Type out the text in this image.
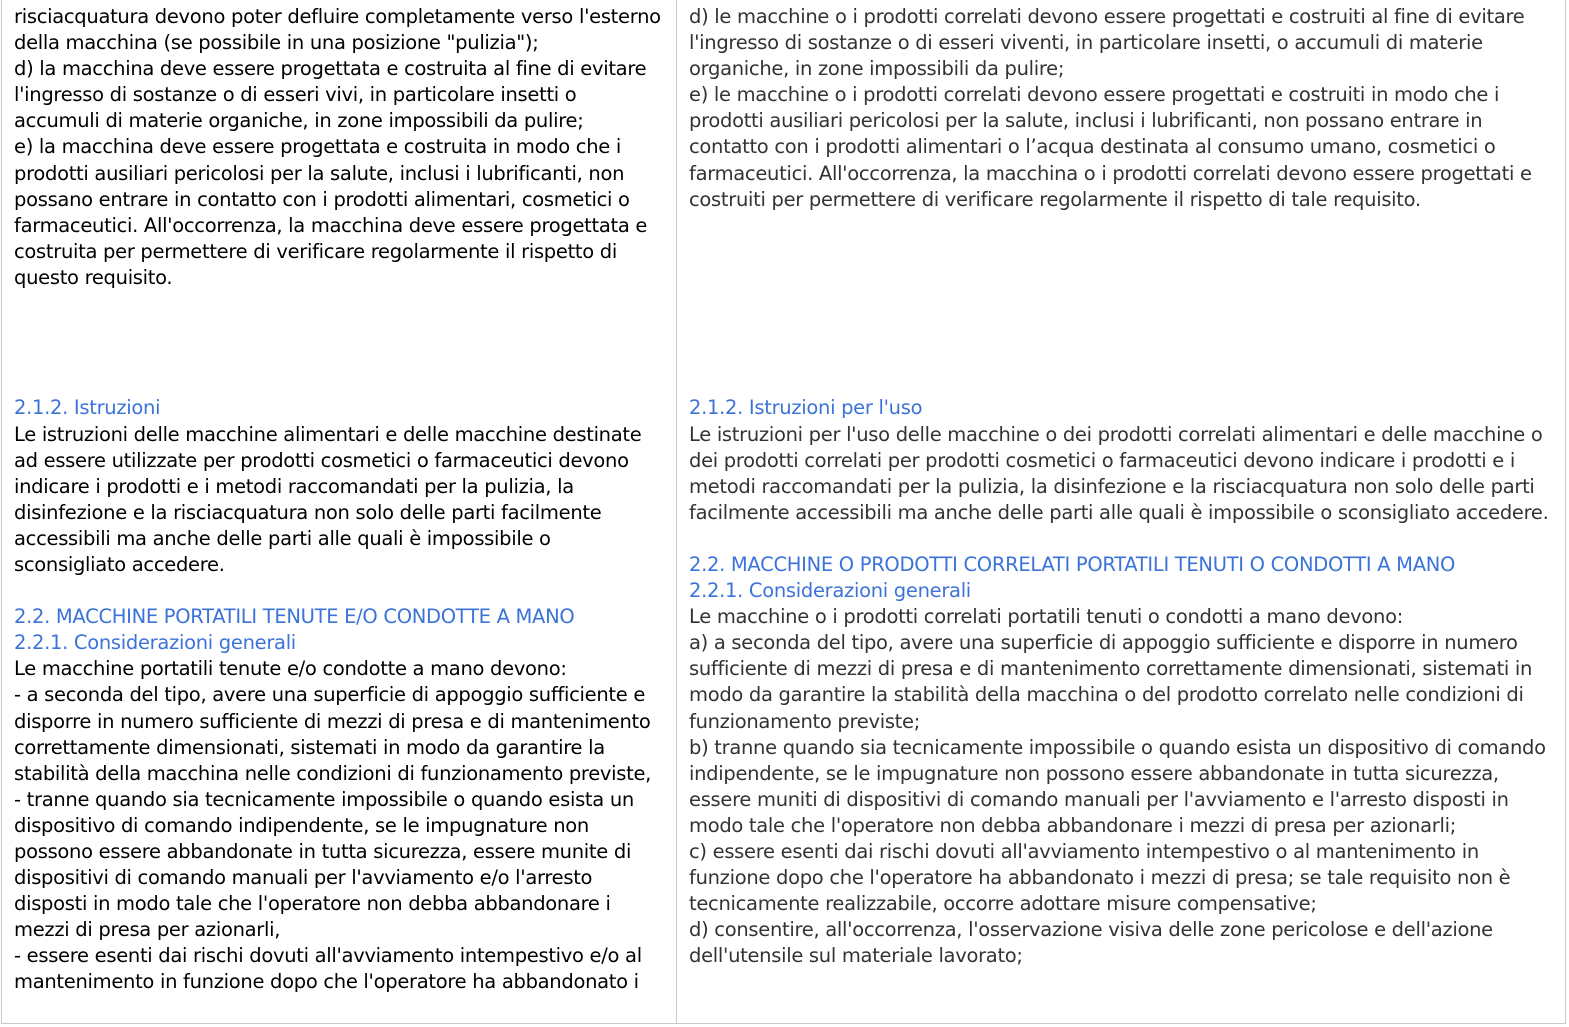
risciacquatura devono poter defluire completamente verso l'esterno
della macchina (se possibile in una posizione "pulizia");
d) la macchina deve essere progettata e costruita al fine di evitare
l'ingresso di sostanze o di esseri vivi, in particolare insetti o
accumuli di materie organiche, in zone impossibili da pulire;
e) la macchina deve essere progettata e costruita in modo che i
prodotti ausiliari pericolosi per la salute, inclusi i lubrificanti, non
possano entrare in contatto con i prodotti alimentari, cosmetici o
farmaceutici. All'occorrenza, la macchina deve essere progettata e
costruita per permettere di verificare regolarmente il rispetto di
questo requisito.
2.1.2. Istruzioni
Le istruzioni delle macchine alimentari e delle macchine destinate
ad essere utilizzate per prodotti cosmetici o farmaceutici devono
indicare i prodotti e i metodi raccomandati per la pulizia, la
disinfezione e la risciacquatura non solo delle parti facilmente
accessibili ma anche delle parti alle quali è impossibile o
sconsigliato accedere.
2.2. MACCHINE PORTATILI TENUTE E/O CONDOTTE A MANO
2.2.1. Considerazioni generali
Le macchine portatili tenute e/o condotte a mano devono:
- a seconda del tipo, avere una superficie di appoggio sufficiente e
disporre in numero sufficiente di mezzi di presa e di mantenimento
correttamente dimensionati, sistemati in modo da garantire la
stabilità della macchina nelle condizioni di funzionamento previste,
- tranne quando sia tecnicamente impossibile o quando esista un
dispositivo di comando indipendente, se le impugnature non
possono essere abbandonate in tutta sicurezza, essere munite di
dispositivi di comando manuali per l'avviamento e/o l'arresto
disposti in modo tale che l'operatore non debba abbandonare i
mezzi di presa per azionarli,
- essere esenti dai rischi dovuti all'avviamento intempestivo e/o al
mantenimento in funzione dopo che l'operatore ha abbandonato i
d) le macchine o i prodotti correlati devono essere progettati e costruiti al fine di evitare
l'ingresso di sostanze o di esseri viventi, in particolare insetti, o accumuli di materie
organiche, in zone impossibili da pulire;
e) le macchine o i prodotti correlati devono essere progettati e costruiti in modo che i
prodotti ausiliari pericolosi per la salute, inclusi i lubrificanti, non possano entrare in
contatto con i prodotti alimentari o l’acqua destinata al consumo umano, cosmetici o
farmaceutici. All'occorrenza, la macchina o i prodotti correlati devono essere progettati e
costruiti per permettere di verificare regolarmente il rispetto di tale requisito.
2.1.2. Istruzioni per l'uso
Le istruzioni per l'uso delle macchine o dei prodotti correlati alimentari e delle macchine o
dei prodotti correlati per prodotti cosmetici o farmaceutici devono indicare i prodotti e i
metodi raccomandati per la pulizia, la disinfezione e la risciacquatura non solo delle parti
facilmente accessibili ma anche delle parti alle quali è impossibile o sconsigliato accedere.
2.2. MACCHINE O PRODOTTI CORRELATI PORTATILI TENUTI O CONDOTTI A MANO
2.2.1. Considerazioni generali
Le macchine o i prodotti correlati portatili tenuti o condotti a mano devono:
a) a seconda del tipo, avere una superficie di appoggio sufficiente e disporre in numero
sufficiente di mezzi di presa e di mantenimento correttamente dimensionati, sistemati in
modo da garantire la stabilità della macchina o del prodotto correlato nelle condizioni di
funzionamento previste;
b) tranne quando sia tecnicamente impossibile o quando esista un dispositivo di comando
indipendente, se le impugnature non possono essere abbandonate in tutta sicurezza,
essere muniti di dispositivi di comando manuali per l'avviamento e l'arresto disposti in
modo tale che l'operatore non debba abbandonare i mezzi di presa per azionarli;
c) essere esenti dai rischi dovuti all'avviamento intempestivo o al mantenimento in
funzione dopo che l'operatore ha abbandonato i mezzi di presa; se tale requisito non è
tecnicamente realizzabile, occorre adottare misure compensative;
d) consentire, all'occorrenza, l'osservazione visiva delle zone pericolose e dell'azione
dell'utensile sul materiale lavorato;
